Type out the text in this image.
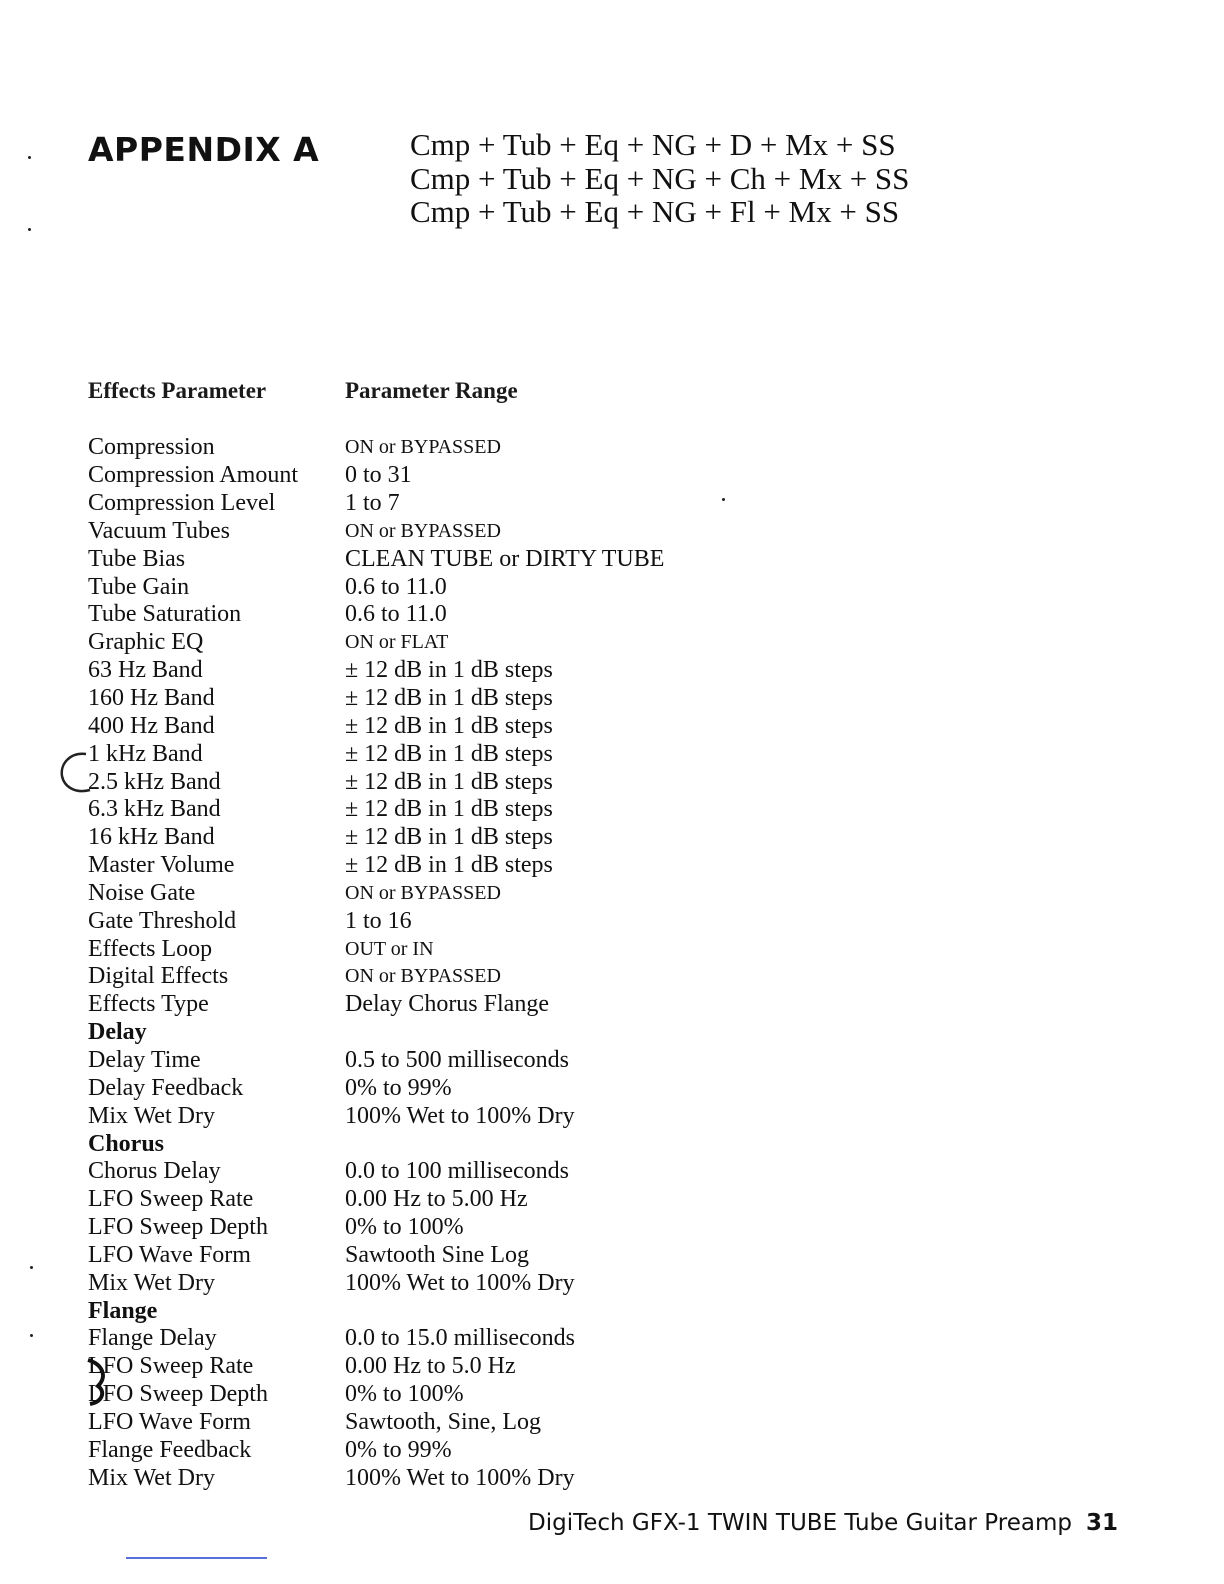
APPENDIX A	Cmp + Tub + Eq + NG + D + Mx + SS
Cmp + Tub + Eq + NG + Ch + Mx + SS
Cmp + Tub + Eq + NG + Fl + Mx + SS
Effects Parameter	Parameter Range
Compression	ON or BYPASSED
Compression Amount	0 to 31
Compression Level	1 to 7
Vacuum Tubes	ON or BYPASSED
Tube Bias	CLEAN TUBE or DIRTY TUBE
Tube Gain	0.6 to 11.0
Tube Saturation	0.6 to 11.0
Graphic EQ	ON or FLAT
63 Hz Band	± 12 dB in 1 dB steps
160 Hz Band	± 12 dB in 1 dB steps
400 Hz Band	± 12 dB in 1 dB steps
1 kHz Band	± 12 dB in 1 dB steps
2.5 kHz Band	± 12 dB in 1 dB steps
6.3 kHz Band	± 12 dB in 1 dB steps
16 kHz Band	± 12 dB in 1 dB steps
Master Volume	± 12 dB in 1 dB steps
Noise Gate	ON or BYPASSED
Gate Threshold	1 to 16
Effects Loop	OUT or IN
Digital Effects	ON or BYPASSED
Effects Type	Delay Chorus Flange
Delay
Delay Time	0.5 to 500 milliseconds
Delay Feedback	0% to 99%
Mix Wet Dry	100% Wet to 100% Dry
Chorus
Chorus Delay	0.0 to 100 milliseconds
LFO Sweep Rate	0.00 Hz to 5.00 Hz
LFO Sweep Depth	0% to 100%
LFO Wave Form	Sawtooth Sine Log
Mix Wet Dry	100% Wet to 100% Dry
Flange
Flange Delay	0.0 to 15.0 milliseconds
LFO Sweep Rate	0.00 Hz to 5.0 Hz
LFO Sweep Depth	0% to 100%
LFO Wave Form	Sawtooth, Sine, Log
Flange Feedback	0% to 99%
Mix Wet Dry	100% Wet to 100% Dry
DigiTech GFX-1 TWIN TUBE Tube Guitar Preamp 31
